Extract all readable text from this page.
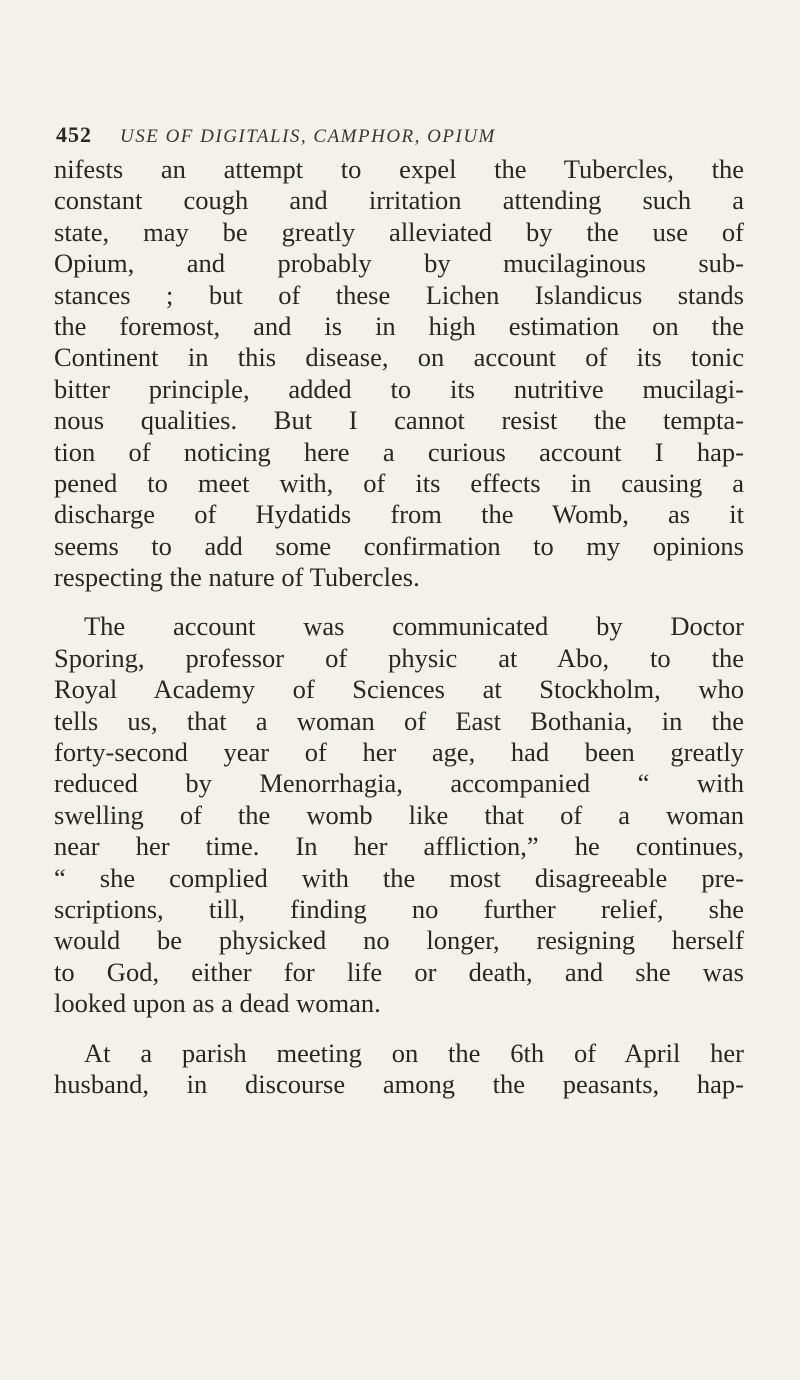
452 USE OF DIGITALIS, CAMPHOR, OPIUM
nifests an attempt to expel the Tubercles, the
constant cough and irritation attending such a
state, may be greatly alleviated by the use of
Opium, and probably by mucilaginous sub-
stances ; but of these Lichen Islandicus stands
the foremost, and is in high estimation on the
Continent in this disease, on account of its tonic
bitter principle, added to its nutritive mucilagi-
nous qualities. But I cannot resist the tempta-
tion of noticing here a curious account I hap-
pened to meet with, of its effects in causing a
discharge of Hydatids from the Womb, as it
seems to add some confirmation to my opinions
respecting the nature of Tubercles.
The account was communicated by Doctor
Sporing, professor of physic at Abo, to the
Royal Academy of Sciences at Stockholm, who
tells us, that a woman of East Bothania, in the
forty-second year of her age, had been greatly
reduced by Menorrhagia, accompanied “ with
swelling of the womb like that of a woman
near her time. In her affliction,” he continues,
“ she complied with the most disagreeable pre-
scriptions, till, finding no further relief, she
would be physicked no longer, resigning herself
to God, either for life or death, and she was
looked upon as a dead woman.
At a parish meeting on the 6th of April her
husband, in discourse among the peasants, hap-
